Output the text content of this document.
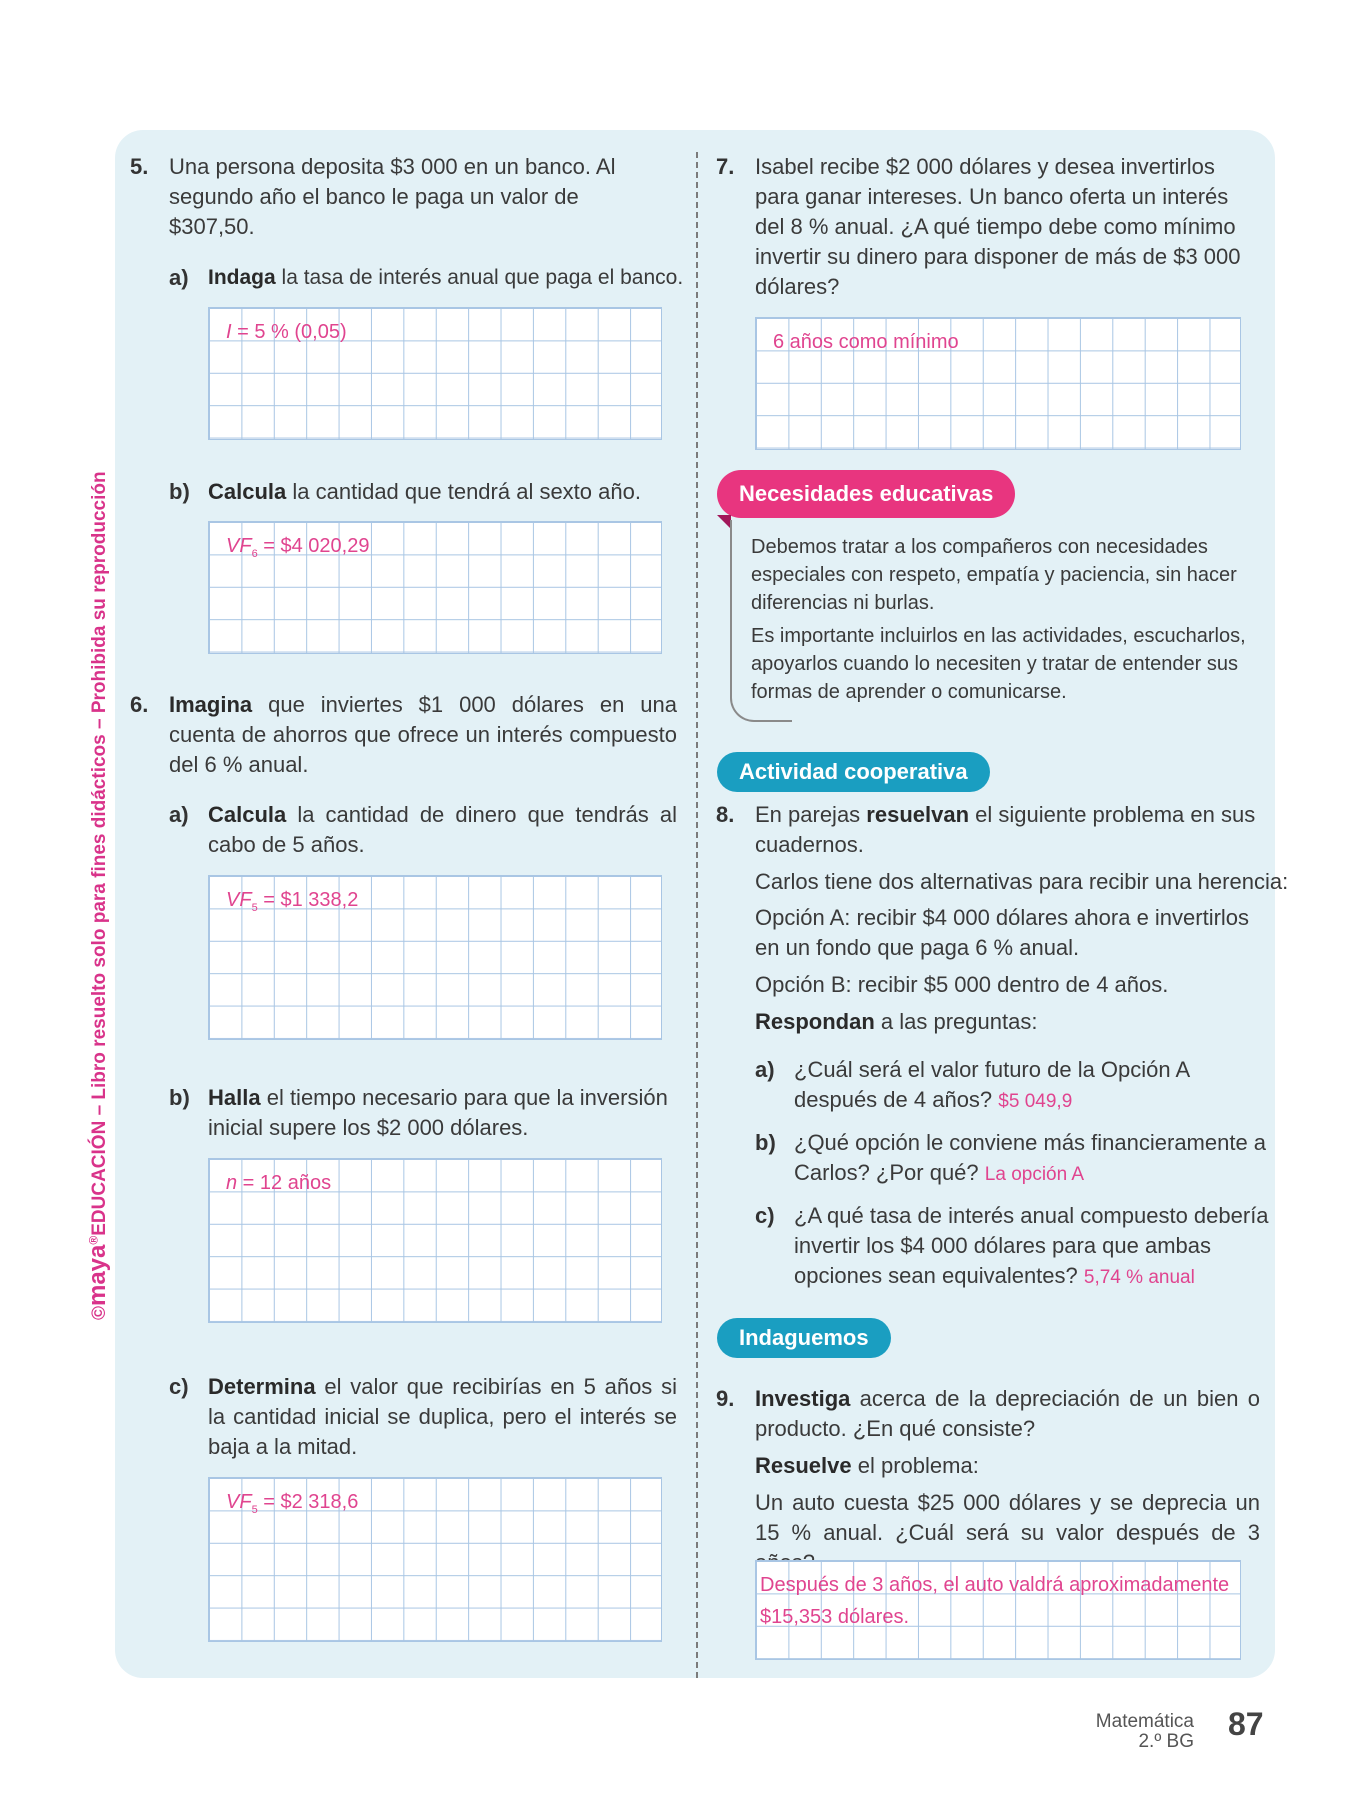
©maya®EDUCACIÓN – Libro resuelto solo para fines didácticos – Prohibida su reproducción
5. Una persona deposita $3 000 en un banco. Al segundo año el banco le paga un valor de $307,50.
a) Indaga la tasa de interés anual que paga el banco.
I = 5 % (0,05)
b) Calcula la cantidad que tendrá al sexto año.
$VF_6$ = $4 020,29
6. Imagina que inviertes $1 000 dólares en una cuenta de ahorros que ofrece un interés compuesto del 6 % anual.
a) Calcula la cantidad de dinero que tendrás al cabo de 5 años.
$VF_5$ = $1 338,2
b) Halla el tiempo necesario para que la inversión inicial supere los $2 000 dólares.
n = 12 años
c) Determina el valor que recibirías en 5 años si la cantidad inicial se duplica, pero el interés se baja a la mitad.
$VF_5$ = $2 318,6
7. Isabel recibe $2 000 dólares y desea invertirlos para ganar intereses. Un banco oferta un interés del 8 % anual. ¿A qué tiempo debe como mínimo invertir su dinero para disponer de más de $3 000 dólares?
6 años como mínimo
Necesidades educativas
Debemos tratar a los compañeros con necesidades especiales con respeto, empatía y paciencia, sin hacer diferencias ni burlas.
Es importante incluirlos en las actividades, escucharlos, apoyarlos cuando lo necesiten y tratar de entender sus formas de aprender o comunicarse.
Actividad cooperativa
8. En parejas resuelvan el siguiente problema en sus cuadernos.
Carlos tiene dos alternativas para recibir una herencia:
Opción A: recibir $4 000 dólares ahora e invertirlos en un fondo que paga 6 % anual.
Opción B: recibir $5 000 dentro de 4 años.
Respondan a las preguntas:
a) ¿Cuál será el valor futuro de la Opción A después de 4 años? $5 049,9
b) ¿Qué opción le conviene más financieramente a Carlos? ¿Por qué? La opción A
c) ¿A qué tasa de interés anual compuesto debería invertir los $4 000 dólares para que ambas opciones sean equivalentes? 5,74 % anual
Indaguemos
9. Investiga acerca de la depreciación de un bien o producto. ¿En qué consiste?
Resuelve el problema:
Un auto cuesta $25 000 dólares y se deprecia un 15 % anual. ¿Cuál será su valor después de 3
Después de 3 años, el auto valdrá aproximadamente
$15,353 dólares.
Matemática
2.º BG 87
